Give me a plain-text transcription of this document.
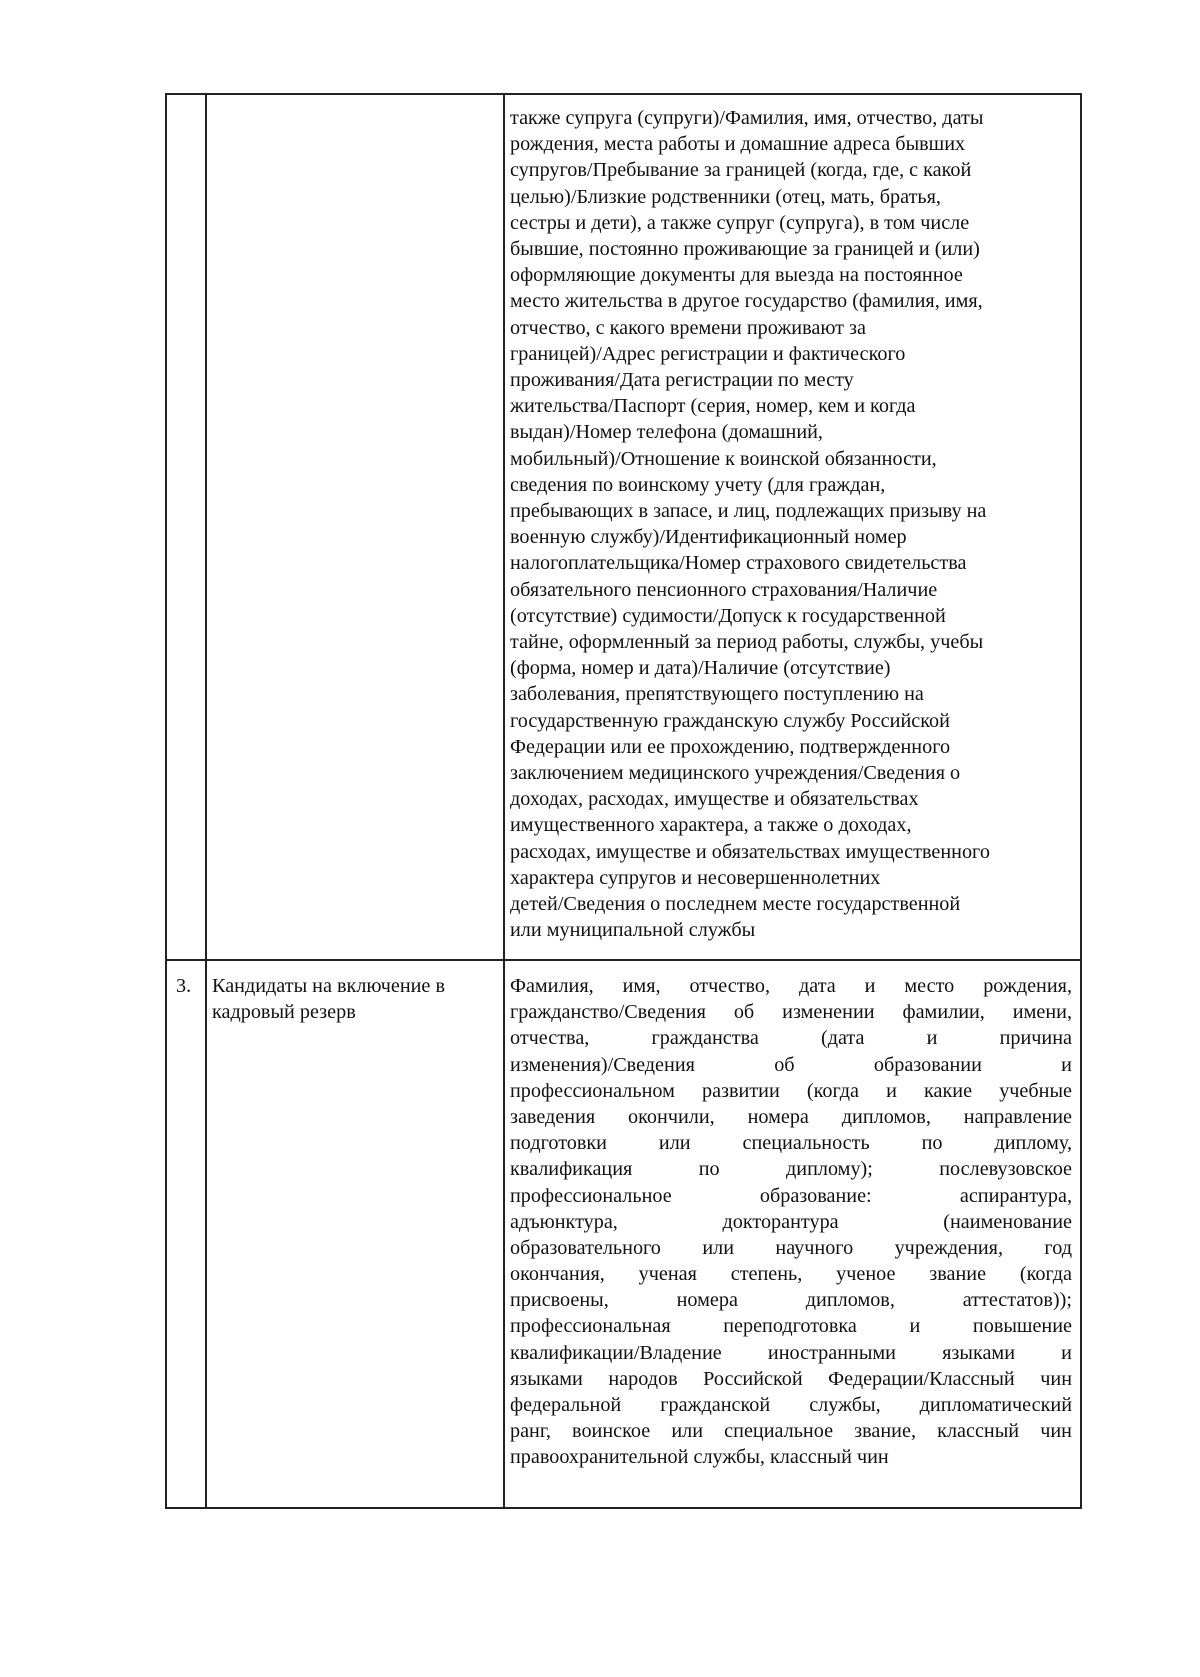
также супруга (супруги)/Фамилия, имя, отчество, даты
рождения, места работы и домашние адреса бывших
супругов/Пребывание за границей (когда, где, с какой
целью)/Близкие родственники (отец, мать, братья,
сестры и дети), а также супруг (супруга), в том числе
бывшие, постоянно проживающие за границей и (или)
оформляющие документы для выезда на постоянное
место жительства в другое государство (фамилия, имя,
отчество, с какого времени проживают за
границей)/Адрес регистрации и фактического
проживания/Дата регистрации по месту
жительства/Паспорт (серия, номер, кем и когда
выдан)/Номер телефона (домашний,
мобильный)/Отношение к воинской обязанности,
сведения по воинскому учету (для граждан,
пребывающих в запасе, и лиц, подлежащих призыву на
военную службу)/Идентификационный номер
налогоплательщика/Номер страхового свидетельства
обязательного пенсионного страхования/Наличие
(отсутствие) судимости/Допуск к государственной
тайне, оформленный за период работы, службы, учебы
(форма, номер и дата)/Наличие (отсутствие)
заболевания, препятствующего поступлению на
государственную гражданскую службу Российской
Федерации или ее прохождению, подтвержденного
заключением медицинского учреждения/Сведения о
доходах, расходах, имуществе и обязательствах
имущественного характера, а также о доходах,
расходах, имуществе и обязательствах имущественного
характера супругов и несовершеннолетних
детей/Сведения о последнем месте государственной
или муниципальной службы
3. Кандидаты на включение в
кадровый резерв
Фамилия, имя, отчество, дата и место рождения,
гражданство/Сведения об изменении фамилии, имени,
отчества, гражданства (дата и причина
изменения)/Сведения об образовании и
профессиональном развитии (когда и какие учебные
заведения окончили, номера дипломов, направление
подготовки или специальность по диплому,
квалификация по диплому); послевузовское
профессиональное образование: аспирантура,
адъюнктура, докторантура (наименование
образовательного или научного учреждения, год
окончания, ученая степень, ученое звание (когда
присвоены, номера дипломов, аттестатов));
профессиональная переподготовка и повышение
квалификации/Владение иностранными языками и
языками народов Российской Федерации/Классный чин
федеральной гражданской службы, дипломатический
ранг, воинское или специальное звание, классный чин
правоохранительной службы, классный чин
